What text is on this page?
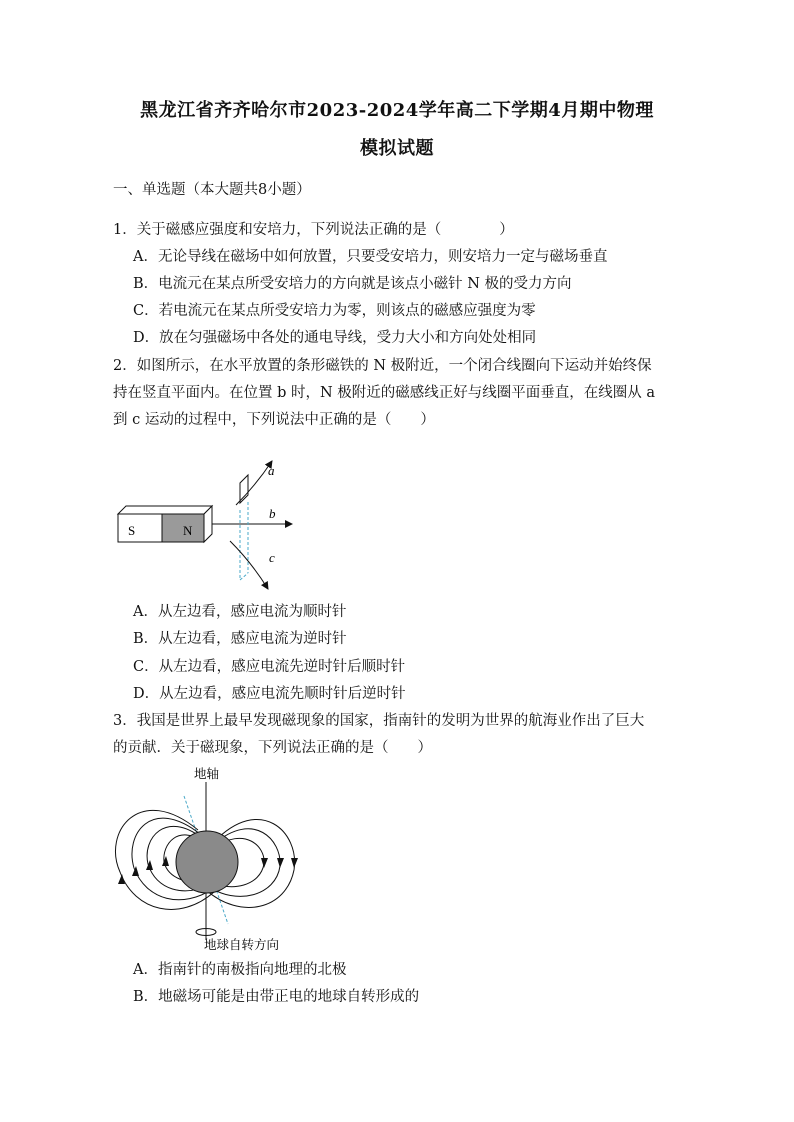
黑龙江省齐齐哈尔市2023-2024学年高二下学期4月期中物理
模拟试题
一、单选题（本大题共8小题）
1．关于磁感应强度和安培力，下列说法正确的是（　　　　）
A．无论导线在磁场中如何放置，只要受安培力，则安培力一定与磁场垂直
B．电流元在某点所受安培力的方向就是该点小磁针 N 极的受力方向
C．若电流元在某点所受安培力为零，则该点的磁感应强度为零
D．放在匀强磁场中各处的通电导线，受力大小和方向处处相同
2．如图所示，在水平放置的条形磁铁的 N 极附近，一个闭合线圈向下运动并始终保
持在竖直平面内。在位置 b 时，N 极附近的磁感线正好与线圈平面垂直，在线圈从 a
到 c 运动的过程中，下列说法中正确的是（　　）
S	N
a
b
c
A．从左边看，感应电流为顺时针
B．从左边看，感应电流为逆时针
C．从左边看，感应电流先逆时针后顺时针
D．从左边看，感应电流先顺时针后逆时针
3．我国是世界上最早发现磁现象的国家，指南针的发明为世界的航海业作出了巨大
的贡献．关于磁现象，下列说法正确的是（　　）
地轴
地球自转方向
A．指南针的南极指向地理的北极
B．地磁场可能是由带正电的地球自转形成的
